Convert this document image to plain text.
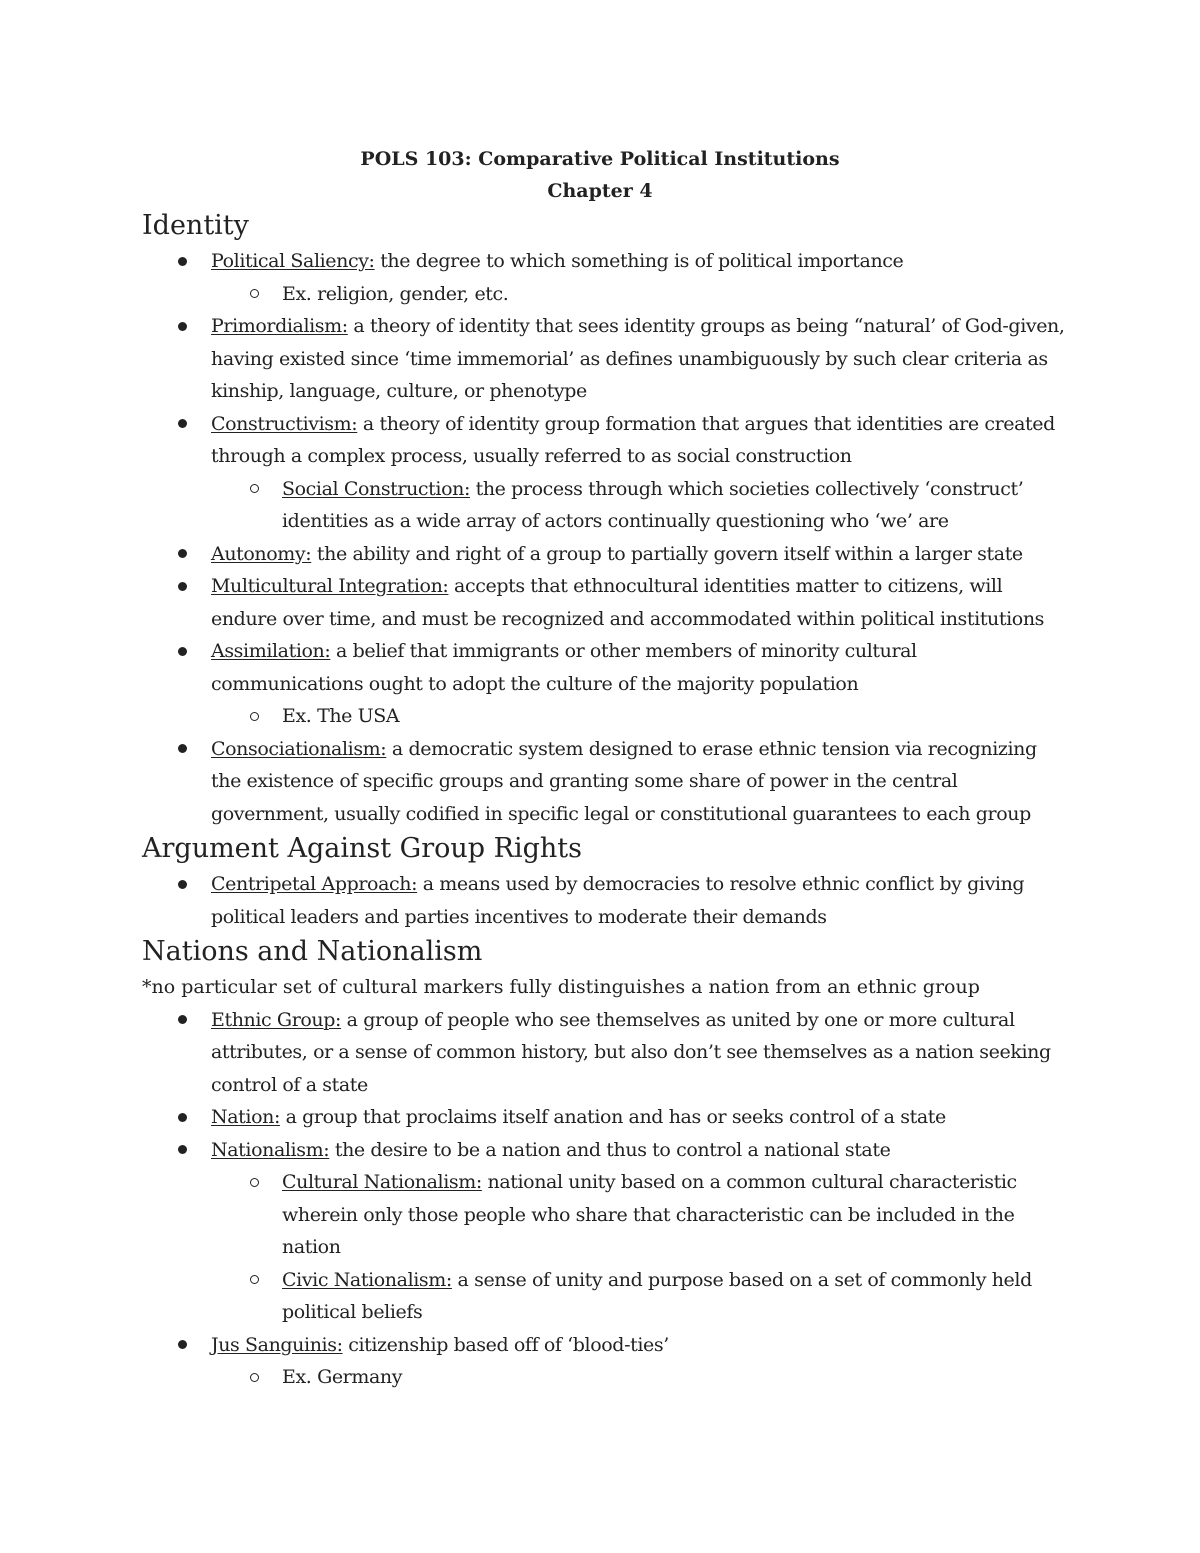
POLS 103: Comparative Political Institutions
Chapter 4
Identity
Political Saliency: the degree to which something is of political importance
Ex. religion, gender, etc.
Primordialism: a theory of identity that sees identity groups as being “natural’ of God-given, having existed since ‘time immemorial’ as defines unambiguously by such clear criteria as kinship, language, culture, or phenotype
Constructivism: a theory of identity group formation that argues that identities are created through a complex process, usually referred to as social construction
Social Construction: the process through which societies collectively ‘construct’ identities as a wide array of actors continually questioning who ‘we’ are
Autonomy: the ability and right of a group to partially govern itself within a larger state
Multicultural Integration: accepts that ethnocultural identities matter to citizens, will endure over time, and must be recognized and accommodated within political institutions
Assimilation: a belief that immigrants or other members of minority cultural communications ought to adopt the culture of the majority population
Ex. The USA
Consociationalism: a democratic system designed to erase ethnic tension via recognizing the existence of specific groups and granting some share of power in the central government, usually codified in specific legal or constitutional guarantees to each group
Argument Against Group Rights
Centripetal Approach: a means used by democracies to resolve ethnic conflict by giving political leaders and parties incentives to moderate their demands
Nations and Nationalism

*no particular set of cultural markers fully distinguishes a nation from an ethnic group

Ethnic Group: a group of people who see themselves as united by one or more cultural attributes, or a sense of common history, but also don’t see themselves as a nation seeking control of a state
Nation: a group that proclaims itself anation and has or seeks control of a state
Nationalism: the desire to be a nation and thus to control a national state
Cultural Nationalism: national unity based on a common cultural characteristic wherein only those people who share that characteristic can be included in the nation
Civic Nationalism: a sense of unity and purpose based on a set of commonly held political beliefs
Jus Sanguinis: citizenship based off of ‘blood-ties’
Ex. Germany
